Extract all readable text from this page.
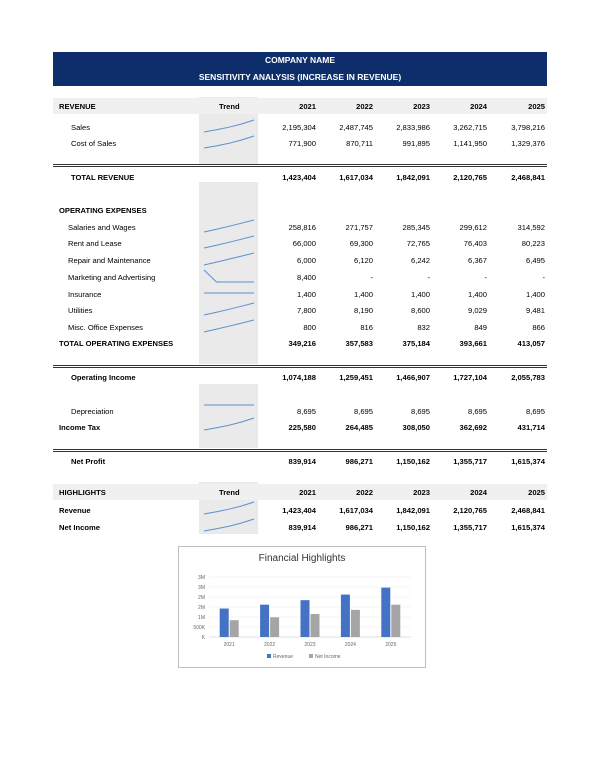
COMPANY NAME
SENSITIVITY ANALYSIS (INCREASE IN REVENUE)
REVENUE	Trend	2021	2022	2023	2024	2025
Sales	2,195,304	2,487,745	2,833,986	3,262,715	3,798,216
Cost of Sales	771,900	870,711	991,895	1,141,950	1,329,376
TOTAL REVENUE	1,423,404	1,617,034	1,842,091	2,120,765	2,468,841
OPERATING EXPENSES
Salaries and Wages	258,816	271,757	285,345	299,612	314,592
Rent and Lease	66,000	69,300	72,765	76,403	80,223
Repair and Maintenance	6,000	6,120	6,242	6,367	6,495
Marketing and Advertising	8,400	-	-	-	-
Insurance	1,400	1,400	1,400	1,400	1,400
Utilities	7,800	8,190	8,600	9,029	9,481
Misc. Office Expenses	800	816	832	849	866
TOTAL OPERATING EXPENSES	349,216	357,583	375,184	393,661	413,057
Operating Income	1,074,188	1,259,451	1,466,907	1,727,104	2,055,783
Depreciation	8,695	8,695	8,695	8,695	8,695
Income Tax	225,580	264,485	308,050	362,692	431,714
Net Profit	839,914	986,271	1,150,162	1,355,717	1,615,374
HIGHLIGHTS	Trend	2021	2022	2023	2024	2025
Revenue	1,423,404	1,617,034	1,842,091	2,120,765	2,468,841
Net Income	839,914	986,271	1,150,162	1,355,717	1,615,374
Financial Highlights
K
500K
1M
2M
2M
3M
3M
2021	2022	2023	2024	2025
Revenue	Net Income
